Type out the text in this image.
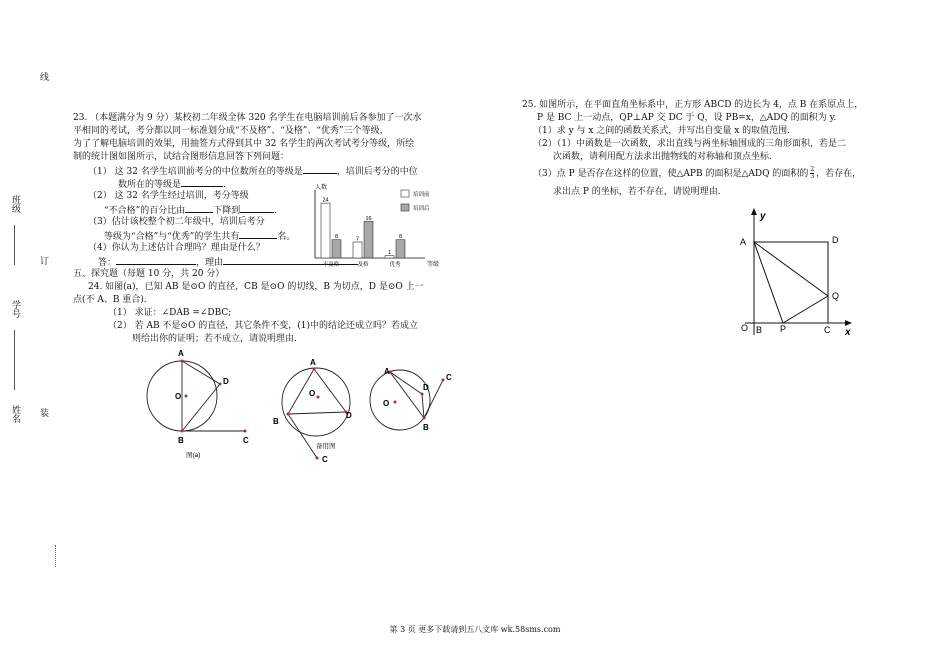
线
班级
订
学号
姓名 装
23. （本题满分为 9 分）某校初二年级全体 320 名学生在电脑培训前后各参加了一次水
平相同的考试，考分都以同一标准划分成“不及格”、“及格”、“优秀”三个等级，
为了了解电脑培训的效果，用抽签方式得到其中 32 名学生的两次考试考分等级，所绘
制的统计图如图所示，试结合图形信息回答下列问题：
（1） 这 32 名学生培训前考分的中位数所在的等级是	，培训后考分的中位
数所在的等级是	.
（2） 这 32 名学生经过培训，考分等级
“不合格”的百分比由	下降到	.
（3）估计该校整个初二年级中，培训后考分
等级为“合格”与“优秀”的学生共有	名。
（4）你认为上述估计合理吗？理由是什么？
答：	，理由
人数
等级
24
8	7
16
1
8
不及格	及格	优秀
培训前
培训后
五、探究题（每题 10 分，共 20 分）
24. 如图(a)，已知 AB 是⊙O 的直径，CB 是⊙O 的切线，B 为切点，D 是⊙O 上一
点(不 A、B 重合)．
（1） 求证：∠DAB =∠DBC;
（2） 若 AB 不是⊙O 的直径，其它条件不变，(1)中的结论还成立吗？若成立
则给出你的证明；若不成立，请说明理由.
A
O
D
B	C
图(a)
A
O
D
B
C
备用图
A
O
D
B
C
25. 如图所示，在平面直角坐标系中，正方形 ABCD 的边长为 4，点 B 在系原点上，
P 是 BC 上一动点，QP⊥AP 交 DC 于 Q，设 PB=x，△ADQ 的面积为 y.
（1）求 y 与 x 之间的函数关系式，并写出自变量 x 的取值范围.
（2）（1）中函数是一次函数，求出直线与两坐标轴围成的三角形面积，若是二
次函数，请利用配方法求出抛物线的对称轴和顶点坐标.
（3）点 P 是否存在这样的位置，使△APB 的面积是△ADQ 的面积的 $\frac{2}{3}$ ，若存在，
求出点 P 的坐标，若不存在，请说明理由.
y
x
A	D
Q
O B P	C
第 3 页 更多下载请到五八文库 wk.58sms.com
